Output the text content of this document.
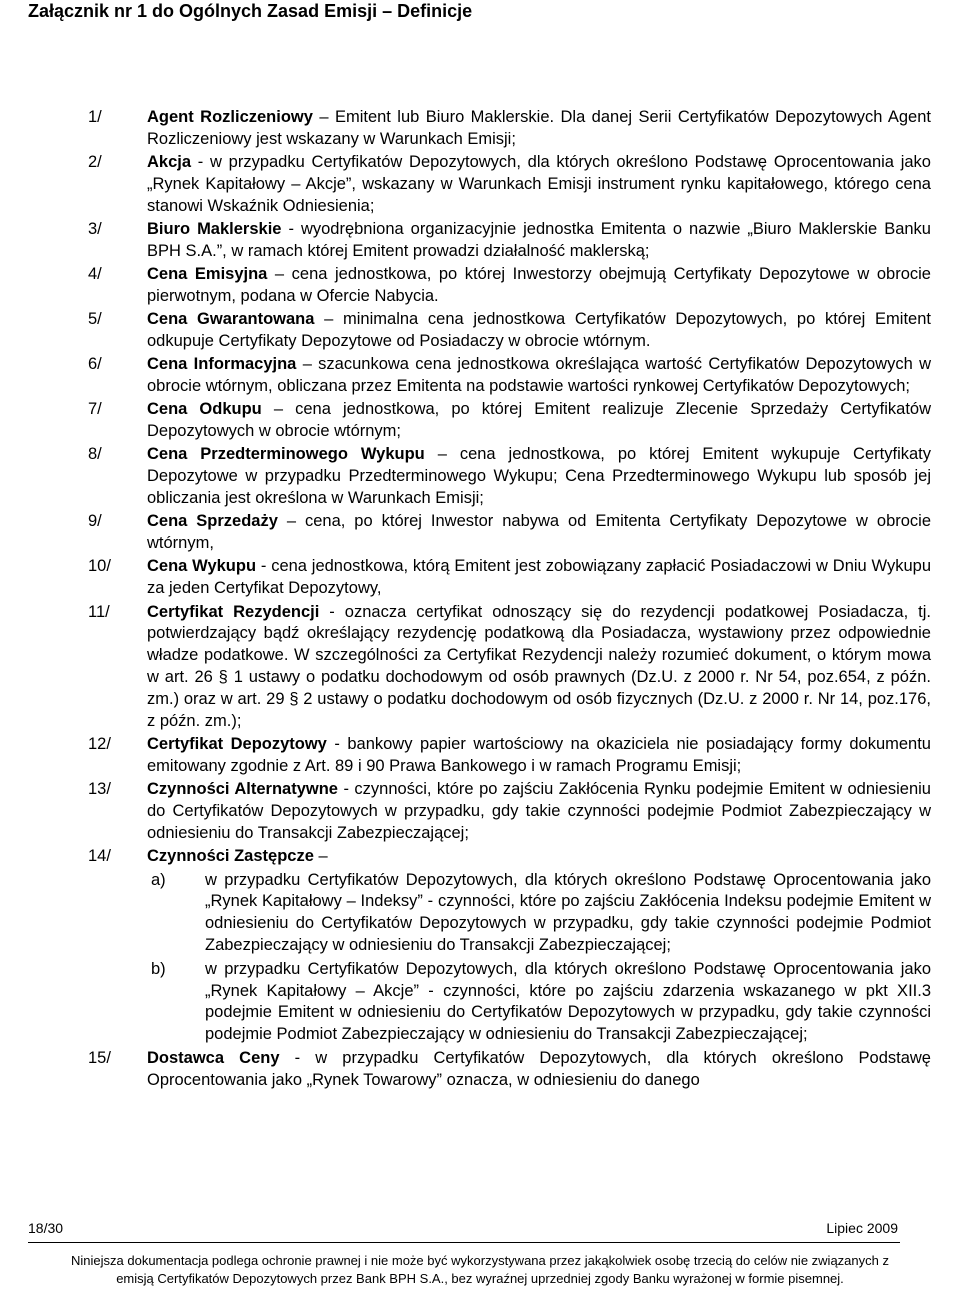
Załącznik nr 1 do Ogólnych Zasad Emisji – Definicje
1/	Agent Rozliczeniowy – Emitent lub Biuro Maklerskie. Dla danej Serii Certyfikatów Depozytowych Agent Rozliczeniowy jest wskazany w Warunkach Emisji;
2/	Akcja - w przypadku Certyfikatów Depozytowych, dla których określono Podstawę Oprocentowania jako „Rynek Kapitałowy – Akcje”, wskazany w Warunkach Emisji instrument rynku kapitałowego, którego cena stanowi Wskaźnik Odniesienia;
3/	Biuro Maklerskie - wyodrębniona organizacyjnie jednostka Emitenta o nazwie „Biuro Maklerskie Banku BPH S.A.”, w ramach której Emitent prowadzi działalność maklerską;
4/	Cena Emisyjna – cena jednostkowa, po której Inwestorzy obejmują Certyfikaty Depozytowe w obrocie pierwotnym, podana w Ofercie Nabycia.
5/	Cena Gwarantowana – minimalna cena jednostkowa Certyfikatów Depozytowych, po której Emitent odkupuje Certyfikaty Depozytowe od Posiadaczy w obrocie wtórnym.
6/	Cena Informacyjna – szacunkowa cena jednostkowa określająca wartość Certyfikatów Depozytowych w obrocie wtórnym, obliczana przez Emitenta na podstawie wartości rynkowej Certyfikatów Depozytowych;
7/	Cena Odkupu – cena jednostkowa, po której Emitent realizuje Zlecenie Sprzedaży Certyfikatów Depozytowych w obrocie wtórnym;
8/	Cena Przedterminowego Wykupu – cena jednostkowa, po której Emitent wykupuje Certyfikaty Depozytowe w przypadku Przedterminowego Wykupu; Cena Przedterminowego Wykupu lub sposób jej obliczania jest określona w Warunkach Emisji;
9/	Cena Sprzedaży – cena, po której Inwestor nabywa od Emitenta Certyfikaty Depozytowe w obrocie wtórnym,
10/ Cena Wykupu - cena jednostkowa, którą Emitent jest zobowiązany zapłacić Posiadaczowi w Dniu Wykupu za jeden Certyfikat Depozytowy,
11/ Certyfikat Rezydencji - oznacza certyfikat odnoszący się do rezydencji podatkowej Posiadacza, tj. potwierdzający bądź określający rezydencję podatkową dla Posiadacza, wystawiony przez odpowiednie władze podatkowe. W szczególności za Certyfikat Rezydencji należy rozumieć dokument, o którym mowa w art. 26 § 1 ustawy o podatku dochodowym od osób prawnych (Dz.U. z 2000 r. Nr 54, poz.654, z późn. zm.) oraz w art. 29 § 2 ustawy o podatku dochodowym od osób fizycznych (Dz.U. z 2000 r. Nr 14, poz.176, z późn. zm.);
12/ Certyfikat Depozytowy - bankowy papier wartościowy na okaziciela nie posiadający formy dokumentu emitowany zgodnie z Art. 89 i 90 Prawa Bankowego i w ramach Programu Emisji;
13/ Czynności Alternatywne - czynności, które po zajściu Zakłócenia Rynku podejmie Emitent w odniesieniu do Certyfikatów Depozytowych w przypadku, gdy takie czynności podejmie Podmiot Zabezpieczający w odniesieniu do Transakcji Zabezpieczającej;
14/ Czynności Zastępcze –
a) w przypadku Certyfikatów Depozytowych, dla których określono Podstawę Oprocentowania jako „Rynek Kapitałowy – Indeksy” - czynności, które po zajściu Zakłócenia Indeksu podejmie Emitent w odniesieniu do Certyfikatów Depozytowych w przypadku, gdy takie czynności podejmie Podmiot Zabezpieczający w odniesieniu do Transakcji Zabezpieczającej;
b) w przypadku Certyfikatów Depozytowych, dla których określono Podstawę Oprocentowania jako „Rynek Kapitałowy – Akcje” - czynności, które po zajściu zdarzenia wskazanego w pkt XII.3 podejmie Emitent w odniesieniu do Certyfikatów Depozytowych w przypadku, gdy takie czynności podejmie Podmiot Zabezpieczający w odniesieniu do Transakcji Zabezpieczającej;
15/ Dostawca Ceny - w przypadku Certyfikatów Depozytowych, dla których określono Podstawę Oprocentowania jako „Rynek Towarowy” oznacza, w odniesieniu do danego
18/30	Lipiec 2009
Niniejsza dokumentacja podlega ochronie prawnej i nie może być wykorzystywana przez jakąkolwiek osobę trzecią do celów nie związanych z
emisją Certyfikatów Depozytowych przez Bank BPH S.A., bez wyraźnej uprzedniej zgody Banku wyrażonej w formie pisemnej.
